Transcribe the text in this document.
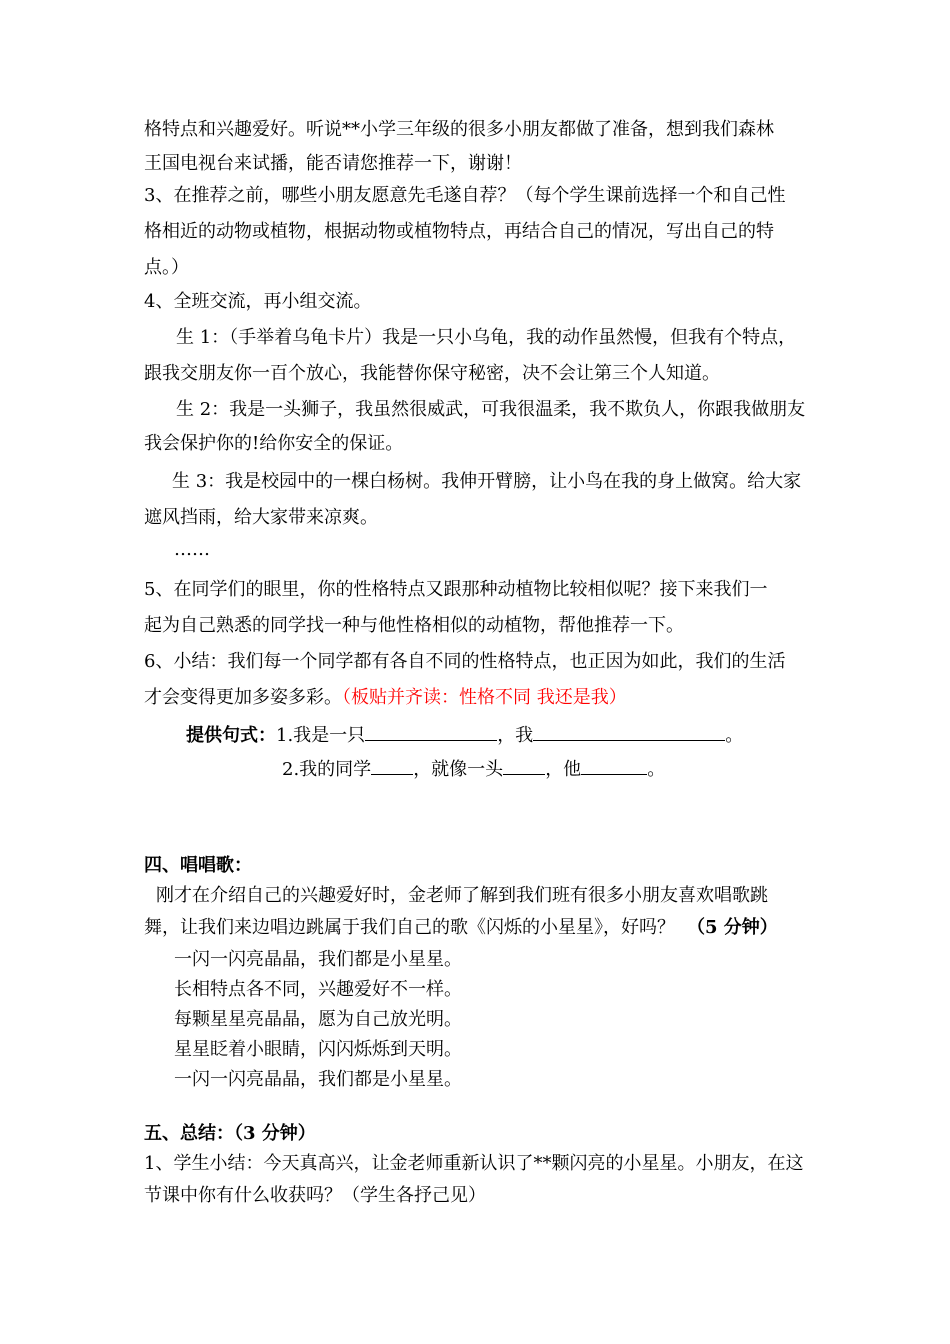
格特点和兴趣爱好。听说**小学三年级的很多小朋友都做了准备，想到我们森林
王国电视台来试播，能否请您推荐一下，谢谢！
3、在推荐之前，哪些小朋友愿意先毛遂自荐？（每个学生课前选择一个和自己性
格相近的动物或植物，根据动物或植物特点，再结合自己的情况，写出自己的特
点。）
4、全班交流，再小组交流。
生 1：（手举着乌龟卡片）我是一只小乌龟，我的动作虽然慢，但我有个特点，
跟我交朋友你一百个放心，我能替你保守秘密，决不会让第三个人知道。
生 2：我是一头狮子，我虽然很威武，可我很温柔，我不欺负人，你跟我做朋友
我会保护你的!给你安全的保证。
生 3：我是校园中的一棵白杨树。我伸开臂膀，让小鸟在我的身上做窝。给大家
遮风挡雨，给大家带来凉爽。
……
5、在同学们的眼里，你的性格特点又跟那种动植物比较相似呢？接下来我们一
起为自己熟悉的同学找一种与他性格相似的动植物，帮他推荐一下。
6、小结：我们每一个同学都有各自不同的性格特点，也正因为如此，我们的生活
才会变得更加多姿多彩。（板贴并齐读：性格不同 我还是我）
提供句式：1.我是一只	，我	。
2.我的同学 ，就像一头 ，他	。
四、唱唱歌：
刚才在介绍自己的兴趣爱好时，金老师了解到我们班有很多小朋友喜欢唱歌跳
舞，让我们来边唱边跳属于我们自己的歌《闪烁的小星星》，好吗？ （5 分钟）
一闪一闪亮晶晶，我们都是小星星。
长相特点各不同，兴趣爱好不一样。
每颗星星亮晶晶，愿为自己放光明。
星星眨着小眼睛，闪闪烁烁到天明。
一闪一闪亮晶晶，我们都是小星星。
五、总结：（3 分钟）
1、学生小结：今天真高兴，让金老师重新认识了**颗闪亮的小星星。小朋友，在这
节课中你有什么收获吗？（学生各抒己见）
